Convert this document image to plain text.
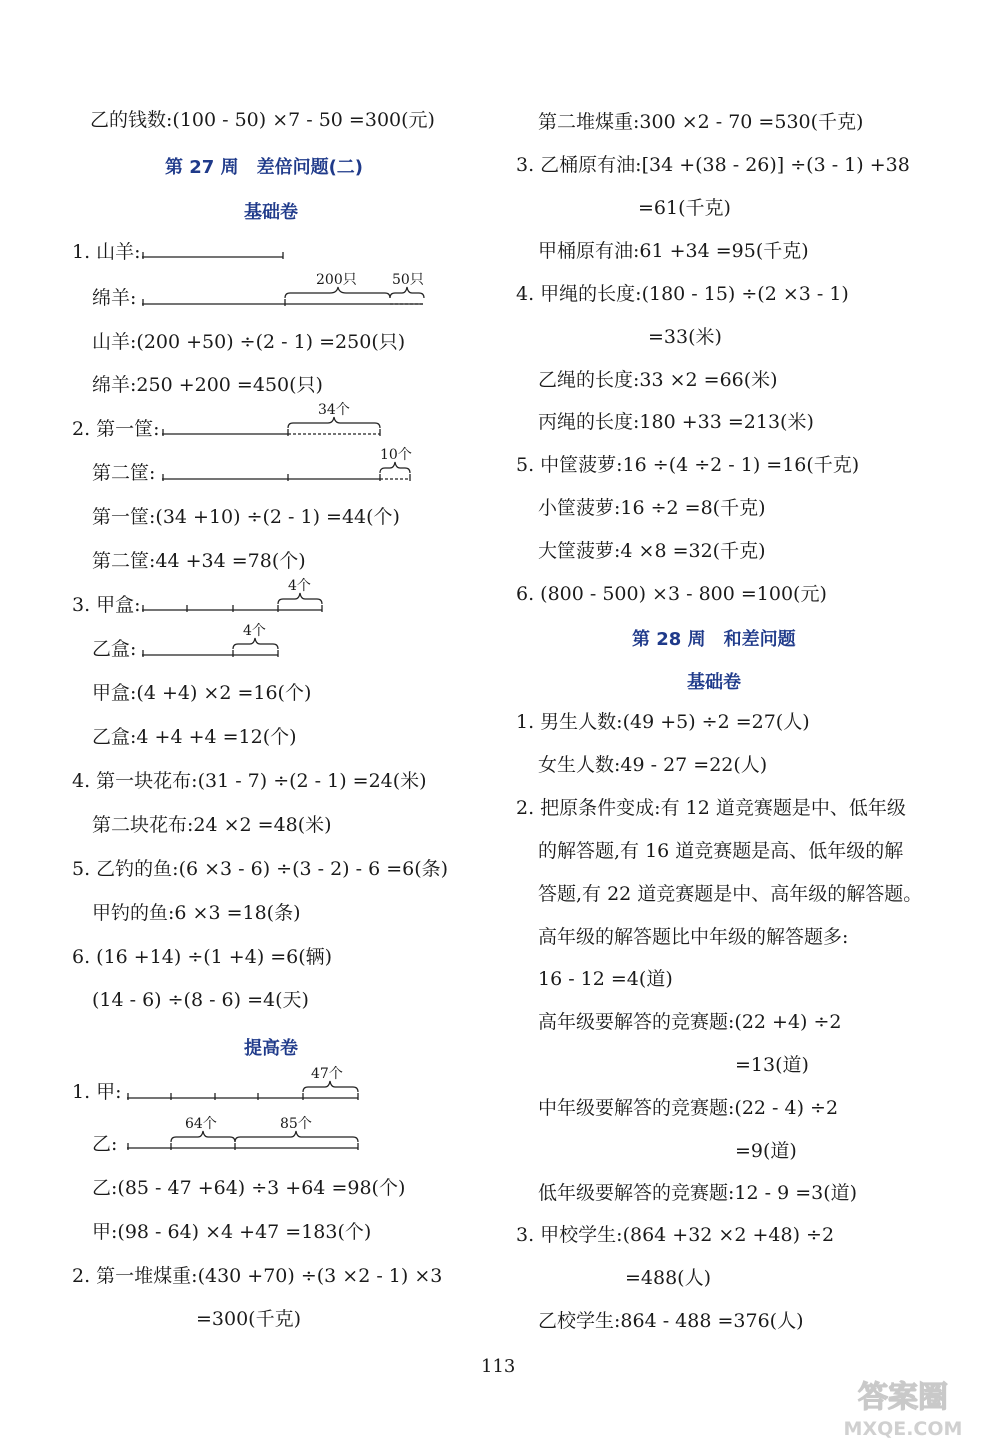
乙的钱数:(100 - 50) ×7 - 50 =300(元)
第 27 周　差倍问题(二)
基础卷
1. 山羊:
绵羊:
200只	50只
山羊:(200 +50) ÷(2 - 1) =250(只)
绵羊:250 +200 =450(只)
2. 第一筐:
34个
第二筐:
10个
第一筐:(34 +10) ÷(2 - 1) =44(个)
第二筐:44 +34 =78(个)
3. 甲盒:
4个
乙盒:
4个
甲盒:(4 +4) ×2 =16(个)
乙盒:4 +4 +4 =12(个)
4. 第一块花布:(31 - 7) ÷(2 - 1) =24(米)
第二块花布:24 ×2 =48(米)
5. 乙钓的鱼:(6 ×3 - 6) ÷(3 - 2) - 6 =6(条)
甲钓的鱼:6 ×3 =18(条)
6. (16 +14) ÷(1 +4) =6(辆)
(14 - 6) ÷(8 - 6) =4(天)
提高卷
1. 甲:
47个
乙:
64个	85个
乙:(85 - 47 +64) ÷3 +64 =98(个)
甲:(98 - 64) ×4 +47 =183(个)
2. 第一堆煤重:(430 +70) ÷(3 ×2 - 1) ×3
=300(千克)
第二堆煤重:300 ×2 - 70 =530(千克)
3. 乙桶原有油:[34 +(38 - 26)] ÷(3 - 1) +38
=61(千克)
甲桶原有油:61 +34 =95(千克)
4. 甲绳的长度:(180 - 15) ÷(2 ×3 - 1)
=33(米)
乙绳的长度:33 ×2 =66(米)
丙绳的长度:180 +33 =213(米)
5. 中筐菠萝:16 ÷(4 ÷2 - 1) =16(千克)
小筐菠萝:16 ÷2 =8(千克)
大筐菠萝:4 ×8 =32(千克)
6. (800 - 500) ×3 - 800 =100(元)
第 28 周　和差问题
基础卷
1. 男生人数:(49 +5) ÷2 =27(人)
女生人数:49 - 27 =22(人)
2. 把原条件变成:有 12 道竞赛题是中、低年级
的解答题,有 16 道竞赛题是高、低年级的解
答题,有 22 道竞赛题是中、高年级的解答题。
高年级的解答题比中年级的解答题多:
16 - 12 =4(道)
高年级要解答的竞赛题:(22 +4) ÷2
=13(道)
中年级要解答的竞赛题:(22 - 4) ÷2
=9(道)
低年级要解答的竞赛题:12 - 9 =3(道)
3. 甲校学生:(864 +32 ×2 +48) ÷2
=488(人)
乙校学生:864 - 488 =376(人)
113
答案圈
MXQE.COM
